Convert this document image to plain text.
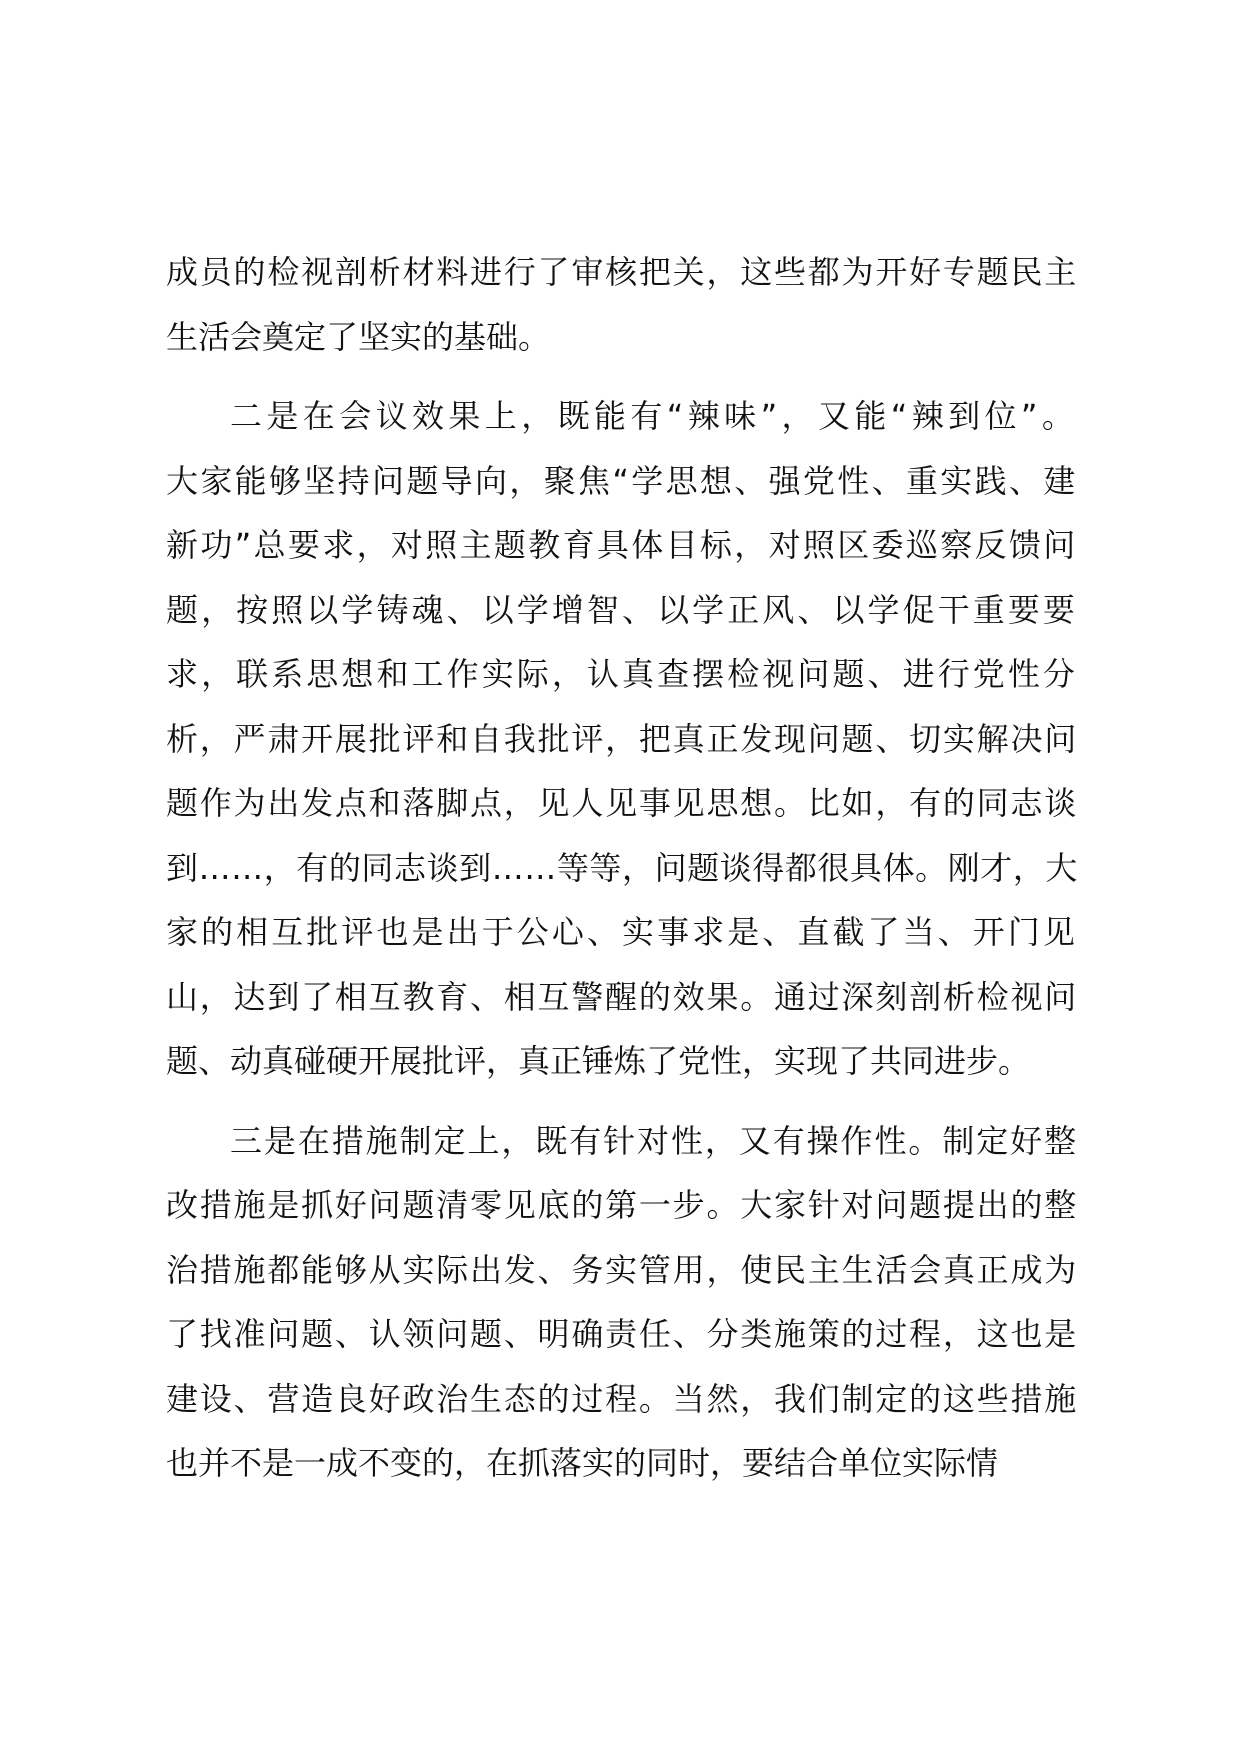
成员的检视剖析材料进行了审核把关，这些都为开好专题民主
生活会奠定了坚实的基础。
二是在会议效果上，既能有“辣味”，又能“辣到位”。
大家能够坚持问题导向，聚焦“学思想、强党性、重实践、建
新功”总要求，对照主题教育具体目标，对照区委巡察反馈问
题，按照以学铸魂、以学增智、以学正风、以学促干重要要
求，联系思想和工作实际，认真查摆检视问题、进行党性分
析，严肃开展批评和自我批评，把真正发现问题、切实解决问
题作为出发点和落脚点，见人见事见思想。比如，有的同志谈
到……，有的同志谈到……等等，问题谈得都很具体。刚才，大
家的相互批评也是出于公心、实事求是、直截了当、开门见
山，达到了相互教育、相互警醒的效果。通过深刻剖析检视问
题、动真碰硬开展批评，真正锤炼了党性，实现了共同进步。
三是在措施制定上，既有针对性，又有操作性。制定好整
改措施是抓好问题清零见底的第一步。大家针对问题提出的整
治措施都能够从实际出发、务实管用，使民主生活会真正成为
了找准问题、认领问题、明确责任、分类施策的过程，这也是
建设、营造良好政治生态的过程。当然，我们制定的这些措施
也并不是一成不变的，在抓落实的同时，要结合单位实际情
